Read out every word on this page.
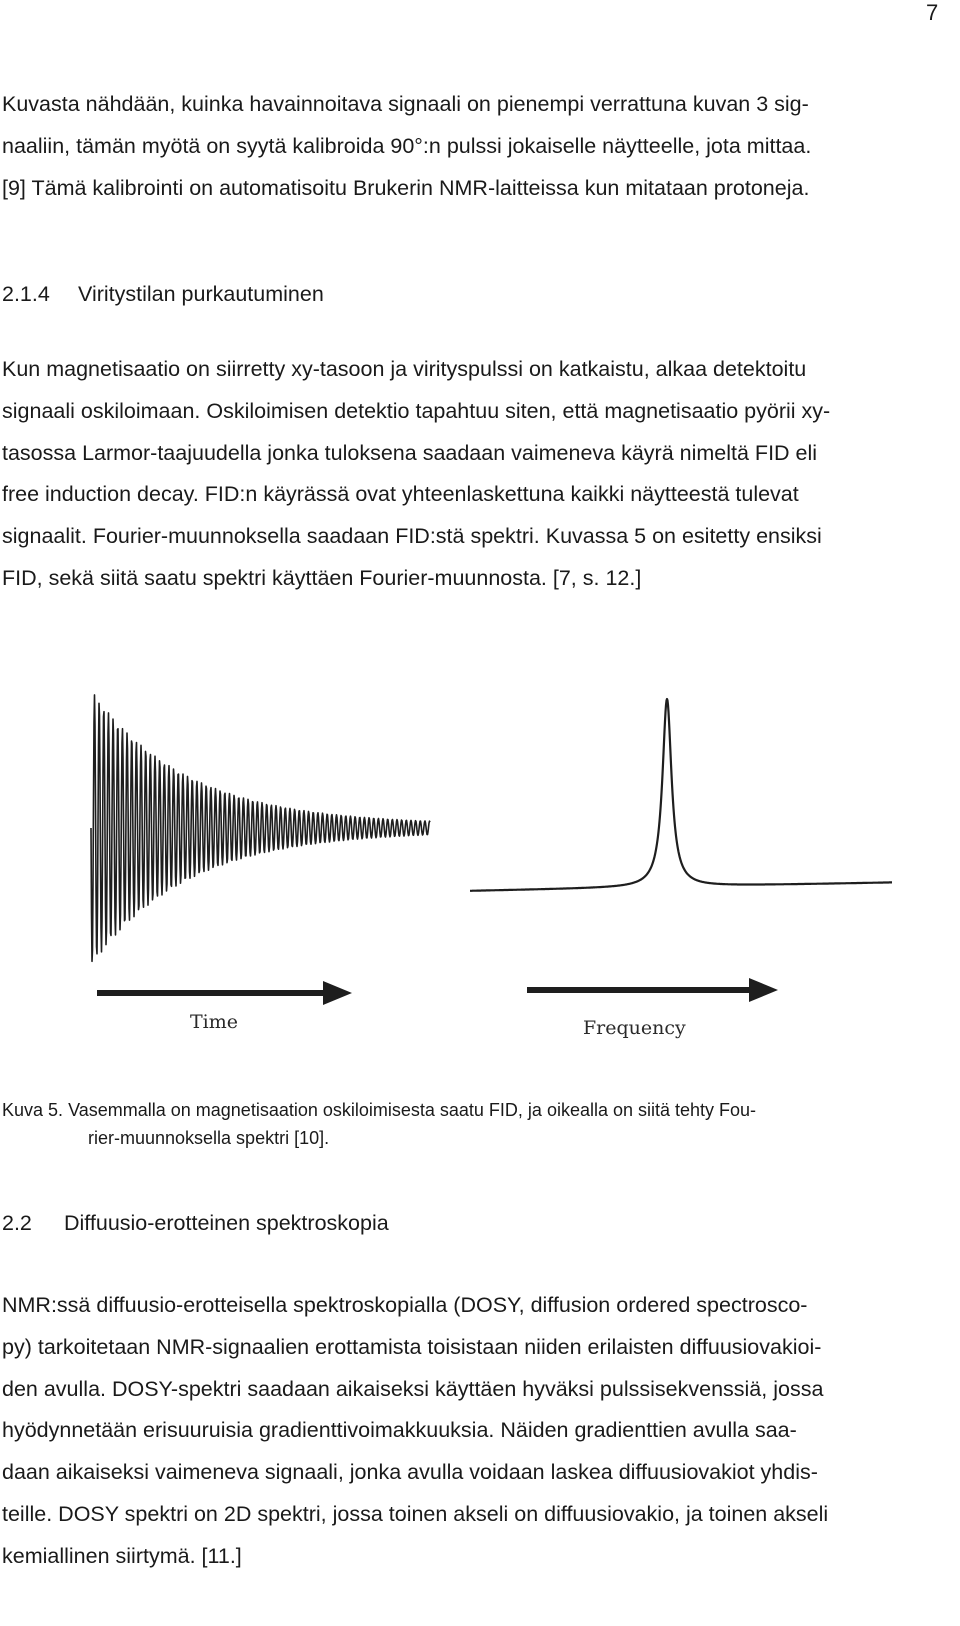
7

Kuvasta nähdään, kuinka havainnoitava signaali on pienempi verrattuna kuvan 3 sig-
naaliin, tämän myötä on syytä kalibroida 90°:n pulssi jokaiselle näytteelle, jota mittaa.
[9] Tämä kalibrointi on automatisoitu Brukerin NMR-laitteissa kun mitataan protoneja.

2.1.4 Viritystilan purkautuminen

Kun magnetisaatio on siirretty xy-tasoon ja virityspulssi on katkaistu, alkaa detektoitu
signaali oskiloimaan. Oskiloimisen detektio tapahtuu siten, että magnetisaatio pyörii xy-
tasossa Larmor-taajuudella jonka tuloksena saadaan vaimeneva käyrä nimeltä FID eli
free induction decay. FID:n käyrässä ovat yhteenlaskettuna kaikki näytteestä tulevat
signaalit. Fourier-muunnoksella saadaan FID:stä spektri. Kuvassa 5 on esitetty ensiksi
FID, sekä siitä saatu spektri käyttäen Fourier-muunnosta. [7, s. 12.]

Time	Frequency

Kuva 5. Vasemmalla on magnetisaation oskiloimisesta saatu FID, ja oikealla on siitä tehty Fou-
rier-muunnoksella spektri [10].

2.2 Diffuusio-erotteinen spektroskopia

NMR:ssä diffuusio-erotteisella spektroskopialla (DOSY, diffusion ordered spectrosco-
py) tarkoitetaan NMR-signaalien erottamista toisistaan niiden erilaisten diffuusiovakioi-
den avulla. DOSY-spektri saadaan aikaiseksi käyttäen hyväksi pulssisekvenssiä, jossa
hyödynnetään erisuuruisia gradienttivoimakkuuksia. Näiden gradienttien avulla saa-
daan aikaiseksi vaimeneva signaali, jonka avulla voidaan laskea diffuusiovakiot yhdis-
teille. DOSY spektri on 2D spektri, jossa toinen akseli on diffuusiovakio, ja toinen akseli
kemiallinen siirtymä. [11.]
